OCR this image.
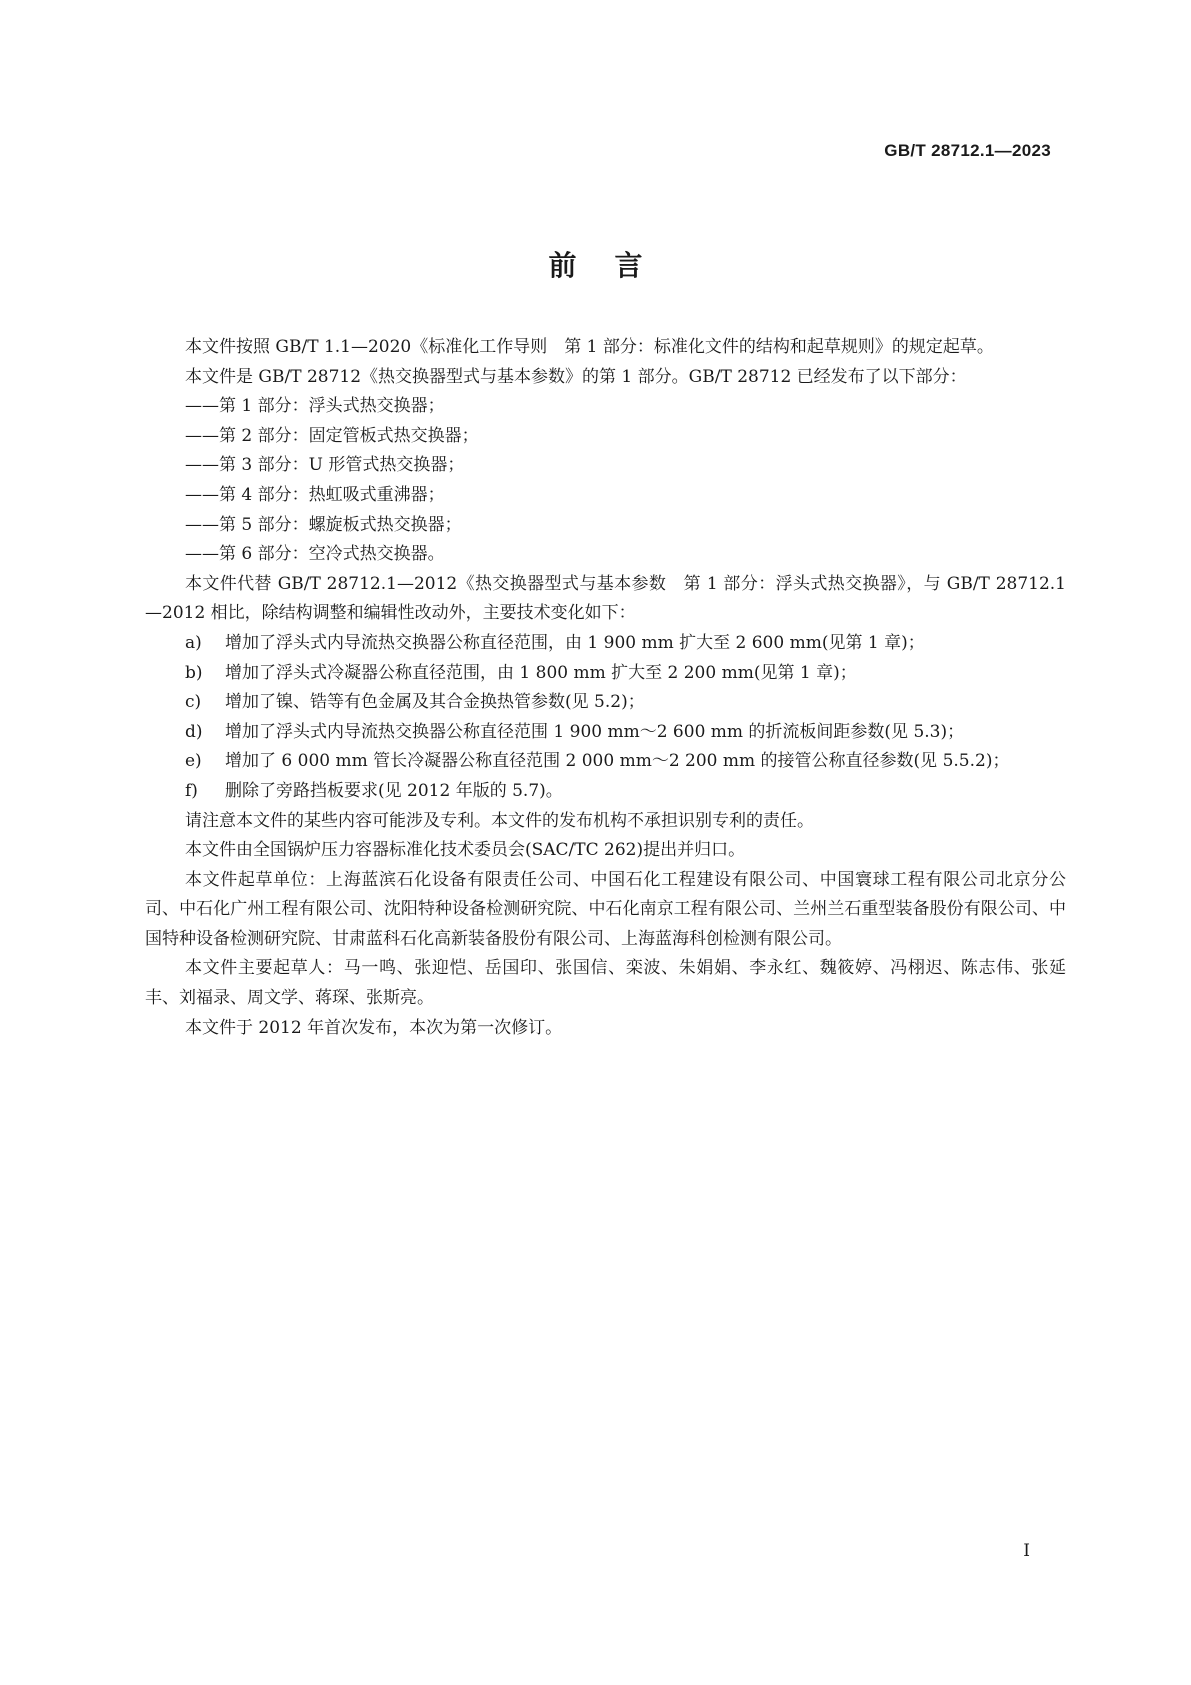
GB/T 28712.1—2023
前言

本文件按照 GB/T 1.1—2020《标准化工作导则　第 1 部分：标准化文件的结构和起草规则》的规定起草。

本文件是 GB/T 28712《热交换器型式与基本参数》的第 1 部分。GB/T 28712 已经发布了以下部分：

——第 1 部分：浮头式热交换器；

——第 2 部分：固定管板式热交换器；

——第 3 部分：U 形管式热交换器；

——第 4 部分：热虹吸式重沸器；

——第 5 部分：螺旋板式热交换器；

——第 6 部分：空冷式热交换器。

本文件代替 GB/T 28712.1—2012《热交换器型式与基本参数　第 1 部分：浮头式热交换器》，与 GB/T 28712.1—2012 相比，除结构调整和编辑性改动外，主要技术变化如下：

a) 增加了浮头式内导流热交换器公称直径范围，由 1 900 mm 扩大至 2 600 mm(见第 1 章)；
b) 增加了浮头式冷凝器公称直径范围，由 1 800 mm 扩大至 2 200 mm(见第 1 章)；
c) 增加了镍、锆等有色金属及其合金换热管参数(见 5.2)；
d) 增加了浮头式内导流热交换器公称直径范围 1 900 mm～2 600 mm 的折流板间距参数(见 5.3)；
e) 增加了 6 000 mm 管长冷凝器公称直径范围 2 000 mm～2 200 mm 的接管公称直径参数(见 5.5.2)；
f) 删除了旁路挡板要求(见 2012 年版的 5.7)。

请注意本文件的某些内容可能涉及专利。本文件的发布机构不承担识别专利的责任。

本文件由全国锅炉压力容器标准化技术委员会(SAC/TC 262)提出并归口。

本文件起草单位：上海蓝滨石化设备有限责任公司、中国石化工程建设有限公司、中国寰球工程有限公司北京分公司、中石化广州工程有限公司、沈阳特种设备检测研究院、中石化南京工程有限公司、兰州兰石重型装备股份有限公司、中国特种设备检测研究院、甘肃蓝科石化高新装备股份有限公司、上海蓝海科创检测有限公司。

本文件主要起草人：马一鸣、张迎恺、岳国印、张国信、栾波、朱娟娟、李永红、魏筱婷、冯栩迟、陈志伟、张延丰、刘福录、周文学、蒋琛、张斯亮。

本文件于 2012 年首次发布，本次为第一次修订。

I
